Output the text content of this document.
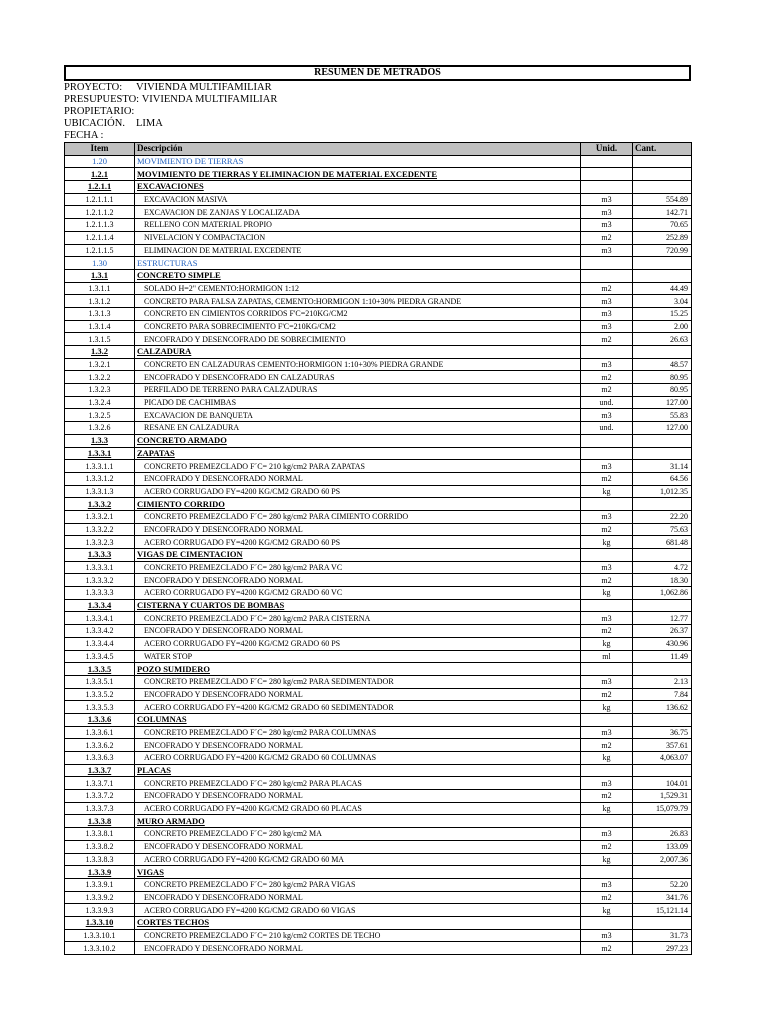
RESUMEN DE METRADOS
PROYECTO: VIVIENDA MULTIFAMILIAR
PRESUPUESTO: VIVIENDA MULTIFAMILIAR
PROPIETARIO:
UBICACIÓN. LIMA
FECHA :
Item	Descripción	Unid.	Cant.
1.20	MOVIMIENTO DE TIERRAS		
1.2.1	MOVIMIENTO DE TIERRAS Y ELIMINACION DE MATERIAL EXCEDENTE		
1.2.1.1	EXCAVACIONES		
1.2.1.1.1	EXCAVACION MASIVA	m3	554.89
1.2.1.1.2	EXCAVACION DE ZANJAS Y LOCALIZADA	m3	142.71
1.2.1.1.3	RELLENO CON MATERIAL PROPIO	m3	70.65
1.2.1.1.4	NIVELACION Y COMPACTACION	m2	252.89
1.2.1.1.5	ELIMINACION DE MATERIAL EXCEDENTE	m3	720.99
1.30	ESTRUCTURAS		
1.3.1	CONCRETO SIMPLE		
1.3.1.1	SOLADO H=2" CEMENTO:HORMIGON 1:12	m2	44.49
1.3.1.2	CONCRETO PARA FALSA ZAPATAS, CEMENTO:HORMIGON 1:10+30% PIEDRA GRANDE	m3	3.04
1.3.1.3	CONCRETO EN CIMIENTOS CORRIDOS F'C=210KG/CM2	m3	15.25
1.3.1.4	CONCRETO PARA SOBRECIMIENTO F'C=210KG/CM2	m3	2.00
1.3.1.5	ENCOFRADO Y DESENCOFRADO DE SOBRECIMIENTO	m2	26.63
1.3.2	CALZADURA		
1.3.2.1	CONCRETO EN CALZADURAS CEMENTO:HORMIGON 1:10+30% PIEDRA GRANDE	m3	48.57
1.3.2.2	ENCOFRADO Y DESENCOFRADO EN CALZADURAS	m2	80.95
1.3.2.3	PERFILADO DE TERRENO PARA CALZADURAS	m2	80.95
1.3.2.4	PICADO DE CACHIMBAS	und.	127.00
1.3.2.5	EXCAVACION DE BANQUETA	m3	55.83
1.3.2.6	RESANE EN CALZADURA	und.	127.00
1.3.3	CONCRETO ARMADO		
1.3.3.1	ZAPATAS		
1.3.3.1.1	CONCRETO PREMEZCLADO F´C= 210 kg/cm2 PARA ZAPATAS	m3	31.14
1.3.3.1.2	ENCOFRADO Y DESENCOFRADO NORMAL	m2	64.56
1.3.3.1.3	ACERO CORRUGADO FY=4200 KG/CM2 GRADO 60 PS	kg	1,012.35
1.3.3.2	CIMIENTO CORRIDO		
1.3.3.2.1	CONCRETO PREMEZCLADO F´C= 280 kg/cm2 PARA CIMIENTO CORRIDO	m3	22.20
1.3.3.2.2	ENCOFRADO Y DESENCOFRADO NORMAL	m2	75.63
1.3.3.2.3	ACERO CORRUGADO FY=4200 KG/CM2 GRADO 60 PS	kg	681.48
1.3.3.3	VIGAS DE CIMENTACION		
1.3.3.3.1	CONCRETO PREMEZCLADO F´C= 280 kg/cm2 PARA VC	m3	4.72
1.3.3.3.2	ENCOFRADO Y DESENCOFRADO NORMAL	m2	18.30
1.3.3.3.3	ACERO CORRUGADO FY=4200 KG/CM2 GRADO 60 VC	kg	1,062.86
1.3.3.4	CISTERNA Y CUARTOS DE BOMBAS		
1.3.3.4.1	CONCRETO PREMEZCLADO F´C= 280 kg/cm2 PARA CISTERNA	m3	12.77
1.3.3.4.2	ENCOFRADO Y DESENCOFRADO NORMAL	m2	26.37
1.3.3.4.4	ACERO CORRUGADO FY=4200 KG/CM2 GRADO 60 PS	kg	430.96
1.3.3.4.5	WATER STOP	ml	11.49
1.3.3.5	POZO SUMIDERO		
1.3.3.5.1	CONCRETO PREMEZCLADO F´C= 280 kg/cm2 PARA SEDIMENTADOR	m3	2.13
1.3.3.5.2	ENCOFRADO Y DESENCOFRADO NORMAL	m2	7.84
1.3.3.5.3	ACERO CORRUGADO FY=4200 KG/CM2 GRADO 60 SEDIMENTADOR	kg	136.62
1.3.3.6	COLUMNAS		
1.3.3.6.1	CONCRETO PREMEZCLADO F´C= 280 kg/cm2 PARA COLUMNAS	m3	36.75
1.3.3.6.2	ENCOFRADO Y DESENCOFRADO NORMAL	m2	357.61
1.3.3.6.3	ACERO CORRUGADO FY=4200 KG/CM2 GRADO 60 COLUMNAS	kg	4,063.07
1.3.3.7	PLACAS		
1.3.3.7.1	CONCRETO PREMEZCLADO F´C= 280 kg/cm2 PARA PLACAS	m3	104.01
1.3.3.7.2	ENCOFRADO Y DESENCOFRADO NORMAL	m2	1,529.31
1.3.3.7.3	ACERO CORRUGADO FY=4200 KG/CM2 GRADO 60 PLACAS	kg	15,079.79
1.3.3.8	MURO ARMADO		
1.3.3.8.1	CONCRETO PREMEZCLADO F´C= 280 kg/cm2 MA	m3	26.83
1.3.3.8.2	ENCOFRADO Y DESENCOFRADO NORMAL	m2	133.09
1.3.3.8.3	ACERO CORRUGADO FY=4200 KG/CM2 GRADO 60 MA	kg	2,007.36
1.3.3.9	VIGAS		
1.3.3.9.1	CONCRETO PREMEZCLADO F´C= 280 kg/cm2 PARA VIGAS	m3	52.20
1.3.3.9.2	ENCOFRADO Y DESENCOFRADO NORMAL	m2	341.76
1.3.3.9.3	ACERO CORRUGADO FY=4200 KG/CM2 GRADO 60 VIGAS	kg	15,121.14
1.3.3.10	CORTES TECHOS		
1.3.3.10.1	CONCRETO PREMEZCLADO F´C= 210 kg/cm2 CORTES DE TECHO	m3	31.73
1.3.3.10.2	ENCOFRADO Y DESENCOFRADO NORMAL	m2	297.23
